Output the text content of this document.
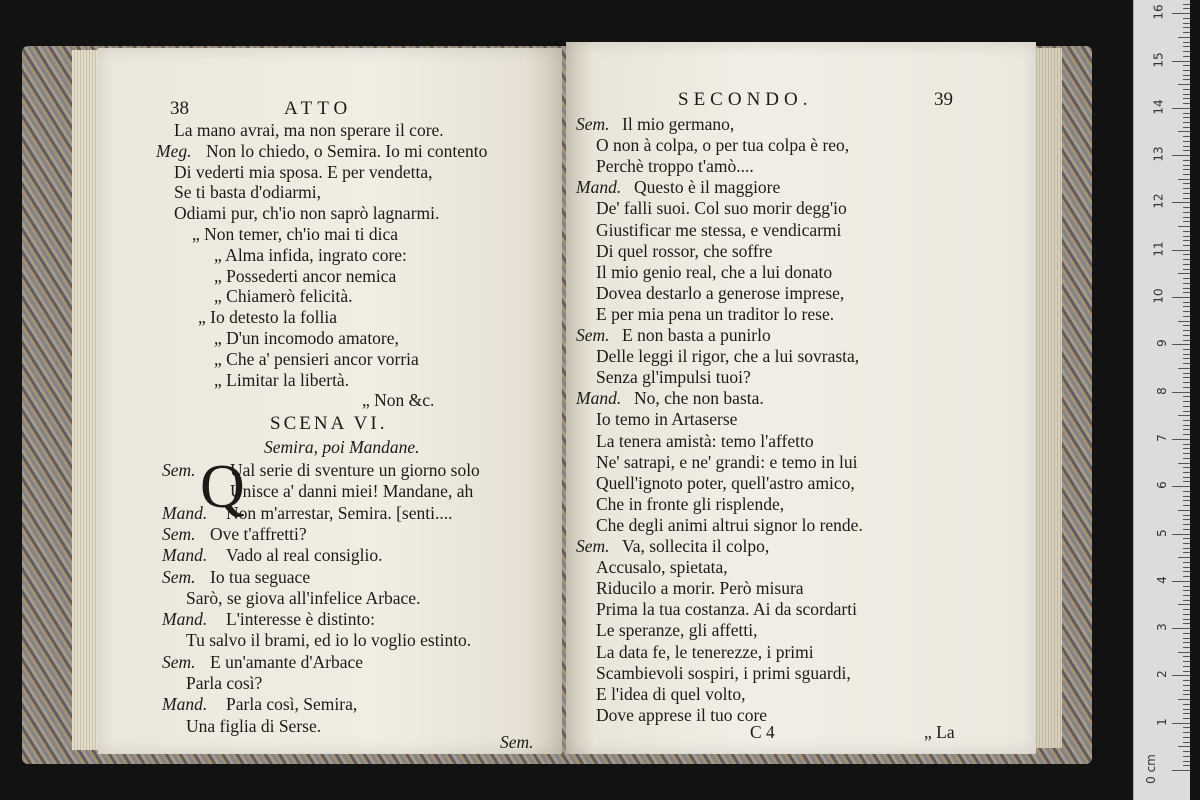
38	ATTO
La mano avrai, ma non sperare il core.
Meg. Non lo chiedo, o Semira. Io mi contento
Di vederti mia sposa. E per vendetta,
Se ti basta d'odiarmi,
Odiami pur, ch'io non saprò lagnarmi.
„ Non temer, ch'io mai ti dica
„ Alma infida, ingrato core:
„ Possederti ancor nemica
„ Chiamerò felicità.
„ Io detesto la follia
„ D'un incomodo amatore,
„ Che a' pensieri ancor vorria
„ Limitar la libertà.
„ Non &c.
SCENA VI.
Semira, poi Mandane.
Q
Sem. Ual serie di sventure un giorno solo
Unisce a' danni miei! Mandane, ah
Mand. Non m'arrestar, Semira. [senti....
Sem. Ove t'affretti?
Mand. Vado al real consiglio.
Sem. Io tua seguace
Sarò, se giova all'infelice Arbace.
Mand. L'interesse è distinto:
Tu salvo il brami, ed io lo voglio estinto.
Sem. E un'amante d'Arbace
Parla così?
Mand. Parla così, Semira,
Una figlia di Serse.
Sem.
SECONDO.	39
Sem. Il mio germano,
O non à colpa, o per tua colpa è reo,
Perchè troppo t'amò....
Mand. Questo è il maggiore
De' falli suoi. Col suo morir degg'io
Giustificar me stessa, e vendicarmi
Di quel rossor, che soffre
Il mio genio real, che a lui donato
Dovea destarlo a generose imprese,
E per mia pena un traditor lo rese.
Sem. E non basta a punirlo
Delle leggi il rigor, che a lui sovrasta,
Senza gl'impulsi tuoi?
Mand. No, che non basta.
Io temo in Artaserse
La tenera amistà: temo l'affetto
Ne' satrapi, e ne' grandi: e temo in lui
Quell'ignoto poter, quell'astro amico,
Che in fronte gli risplende,
Che degli animi altrui signor lo rende.
Sem. Va, sollecita il colpo,
Accusalo, spietata,
Riducilo a morir. Però misura
Prima la tua costanza. Ai da scordarti
Le speranze, gli affetti,
La data fe, le tenerezze, i primi
Scambievoli sospiri, i primi sguardi,
E l'idea di quel volto,
Dove apprese il tuo core
C 4	„ La
0 cm
1
2
3
4
5
6
7
8
9
10
11
12
13
14
15
16
